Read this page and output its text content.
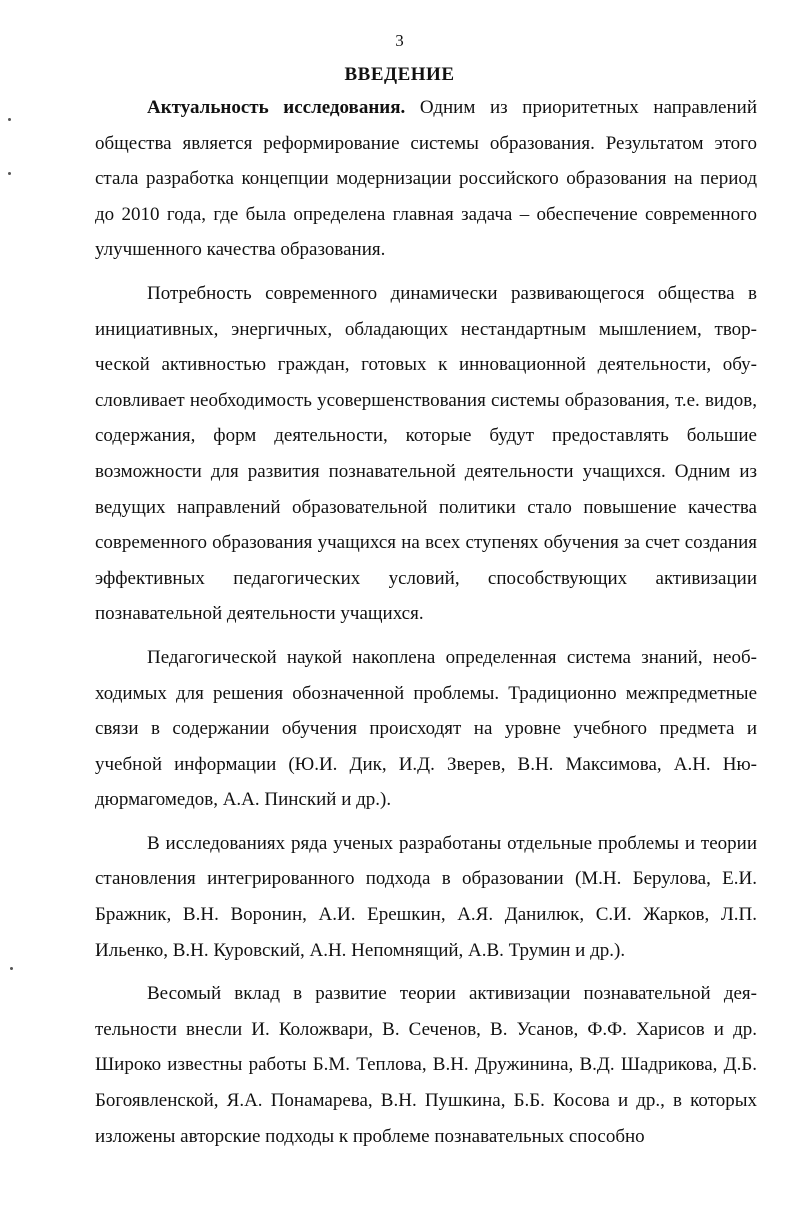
3
ВВЕДЕНИЕ

Актуальность исследования. Одним из приоритетных направлений общества является реформирование системы образования. Результатом этого стала разработка концепции модернизации российского образования на период до 2010 года, где была определена главная задача – обеспечение современного улучшенного качества образования.

Потребность современного динамически развивающегося общества в инициативных, энергичных, обладающих нестандартным мышлением, творческой активностью граждан, готовых к инновационной деятельности, обусловливает необходимость усовершенствования системы образования, т.е. видов, содержания, форм деятельности, которые будут предоставлять большие возможности для развития познавательной деятельности учащихся. Одним из ведущих направлений образовательной политики стало повышение качества современного образования учащихся на всех ступенях обучения за счет создания эффективных педагогических условий, способствующих активизации познавательной деятельности учащихся.

Педагогической наукой накоплена определенная система знаний, необходимых для решения обозначенной проблемы. Традиционно межпредметные связи в содержании обучения происходят на уровне учебного предмета и учебной информации (Ю.И. Дик, И.Д. Зверев, В.Н. Максимова, А.Н. Нюдюрмагомедов, А.А. Пинский и др.).

В исследованиях ряда ученых разработаны отдельные проблемы и теории становления интегрированного подхода в образовании (М.Н. Берулова, Е.И. Бражник, В.Н. Воронин, А.И. Ерешкин, А.Я. Данилюк, С.И. Жарков, Л.П. Ильенко, В.Н. Куровский, А.Н. Непомнящий, А.В. Трумин и др.).

Весомый вклад в развитие теории активизации познавательной деятельности внесли И. Коложвари, В. Сеченов, В. Усанов, Ф.Ф. Харисов и др. Широко известны работы Б.М. Теплова, В.Н. Дружинина, В.Д. Шадрикова, Д.Б. Богоявленской, Я.А. Понамарева, В.Н. Пушкина, Б.Б. Косова и др., в которых изложены авторские подходы к проблеме познавательных способно
